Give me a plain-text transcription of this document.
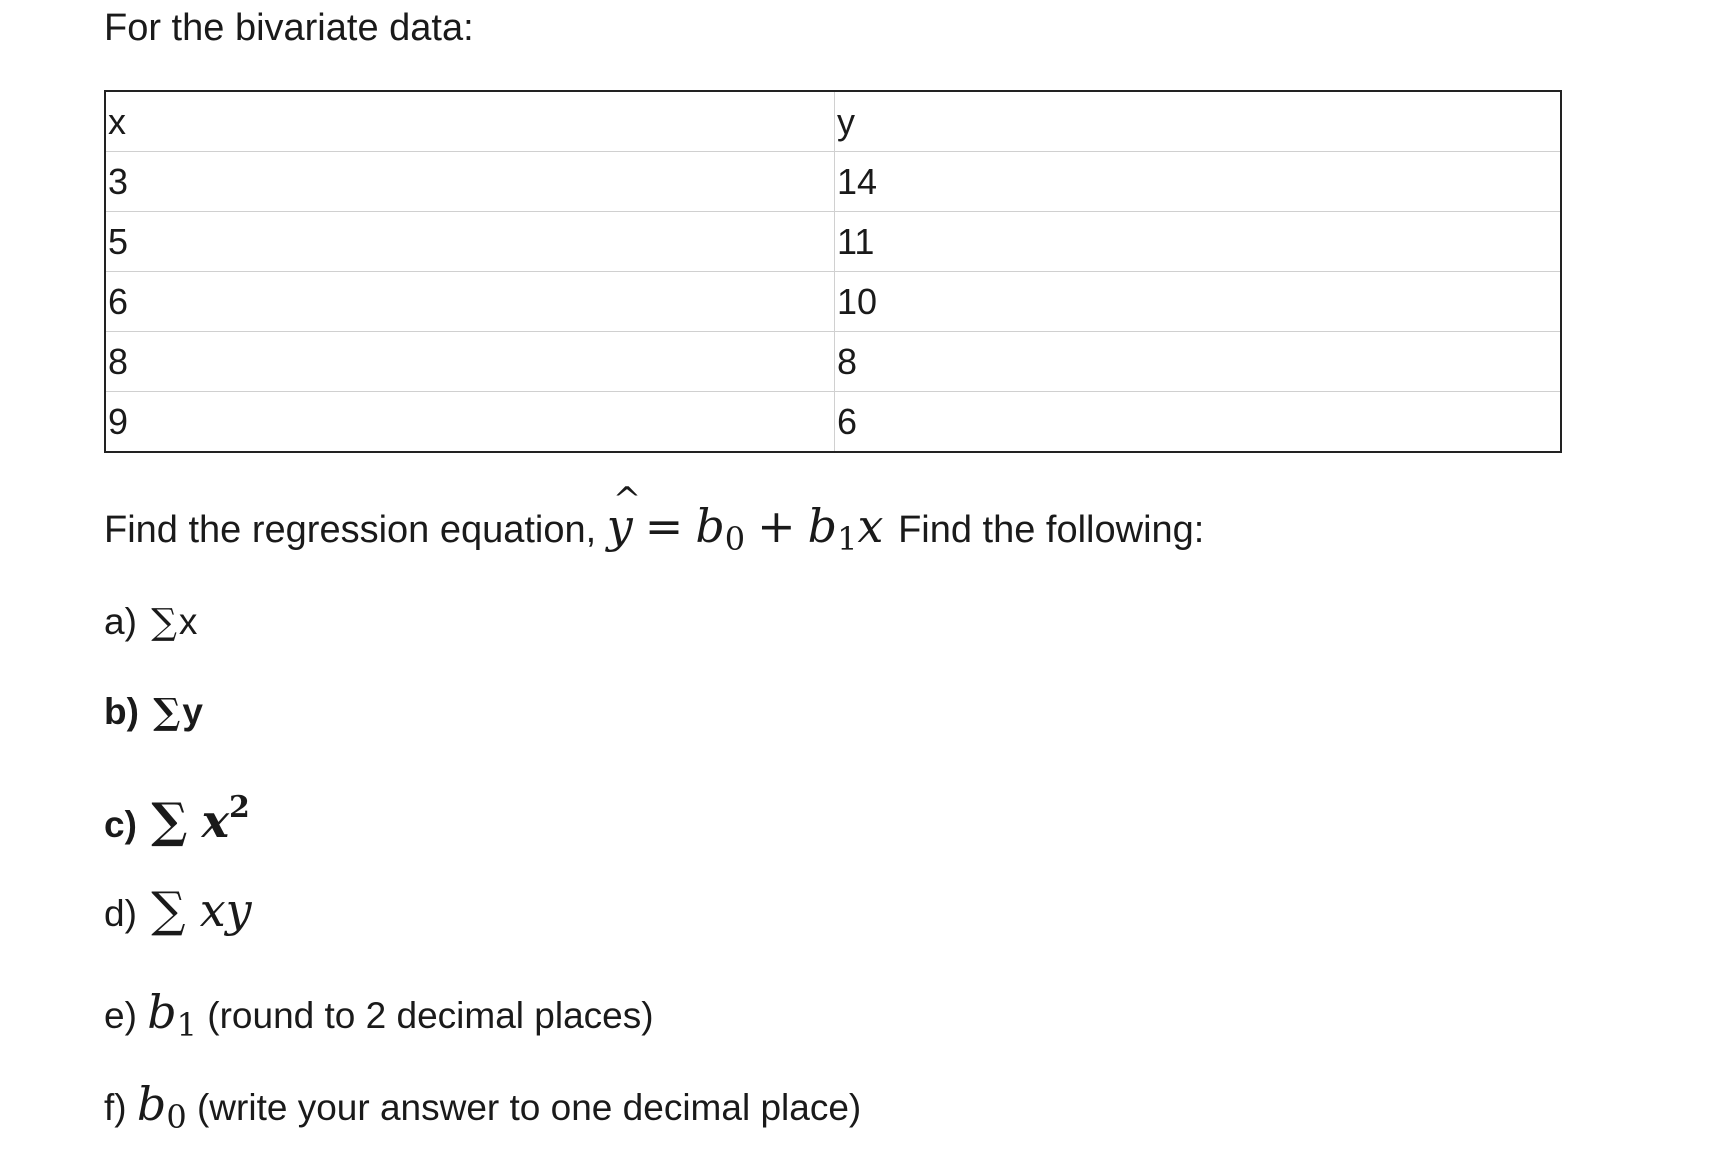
For the bivariate data:

x	y
3	14
5	11
6	10
8	8
9	6

Find the regression equation, y ^ = $b_0 + b_1x$ Find the following:

a) ∑x

b) ∑y

c) ∑ $x^2$

d) ∑ xy

e) $b_1$ (round to 2 decimal places)

f) $b_0$ (write your answer to one decimal place)
